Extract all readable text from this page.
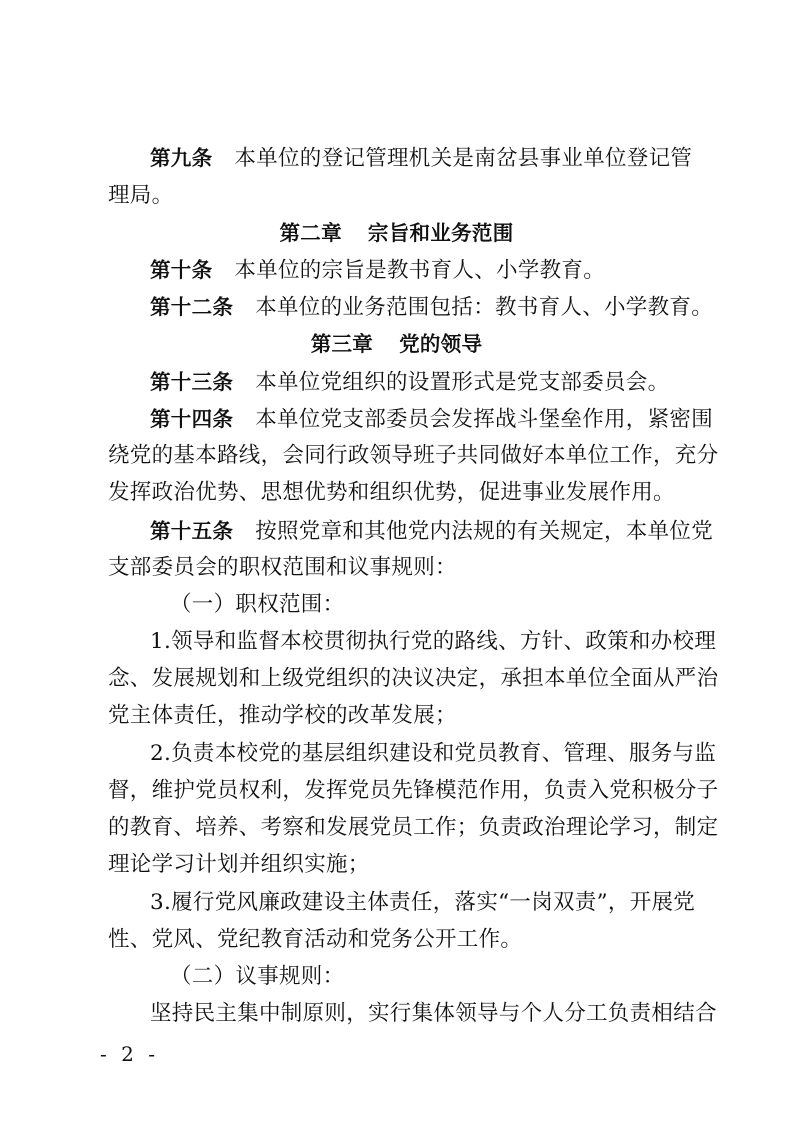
第九条 本单位的登记管理机关是南岔县事业单位登记管
理局。
第二章 宗旨和业务范围
第十条 本单位的宗旨是教书育人、小学教育。
第十二条 本单位的业务范围包括：教书育人、小学教育。
第三章 党的领导
第十三条 本单位党组织的设置形式是党支部委员会。
第十四条 本单位党支部委员会发挥战斗堡垒作用，紧密围
绕党的基本路线，会同行政领导班子共同做好本单位工作，充分
发挥政治优势、思想优势和组织优势，促进事业发展作用。
第十五条 按照党章和其他党内法规的有关规定，本单位党
支部委员会的职权范围和议事规则：
（一）职权范围：
1.领导和监督本校贯彻执行党的路线、方针、政策和办校理
念、发展规划和上级党组织的决议决定，承担本单位全面从严治
党主体责任，推动学校的改革发展；
2.负责本校党的基层组织建设和党员教育、管理、服务与监
督，维护党员权利，发挥党员先锋模范作用，负责入党积极分子
的教育、培养、考察和发展党员工作；负责政治理论学习，制定
理论学习计划并组织实施；
3.履行党风廉政建设主体责任，落实“一岗双责”，开展党
性、党风、党纪教育活动和党务公开工作。
（二）议事规则：
坚持民主集中制原则，实行集体领导与个人分工负责相结合
- 2 -
